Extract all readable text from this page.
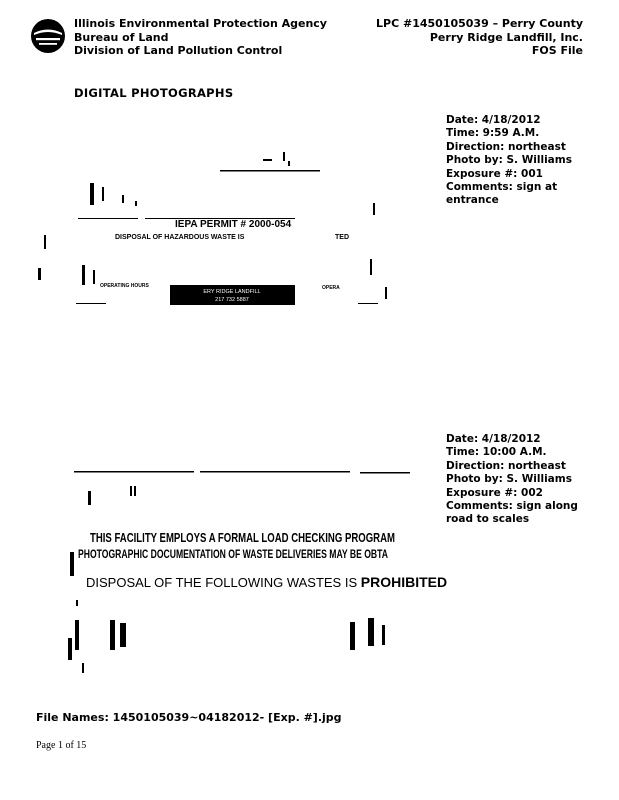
Illinois Environmental Protection Agency
Bureau of Land
Division of Land Pollution Control
LPC #1450105039 – Perry County
Perry Ridge Landfill, Inc.
FOS File
DIGITAL PHOTOGRAPHS
Date: 4/18/2012
Time: 9:59 A.M.
Direction: northeast
Photo by: S. Williams
Exposure #: 001
Comments: sign at entrance
IEPA PERMIT # 2000-054
DISPOSAL OF HAZARDOUS WASTE IS	TED
OPERATING HOURS	OPERA
ERY RIDGE LANDFILL
217 732 5887
Date: 4/18/2012
Time: 10:00 A.M.
Direction: northeast
Photo by: S. Williams
Exposure #: 002
Comments: sign along road to scales
THIS FACILITY EMPLOYS A FORMAL LOAD CHECKING PROGRAM
PHOTOGRAPHIC DOCUMENTATION OF WASTE DELIVERIES MAY BE OBTA
DISPOSAL OF THE FOLLOWING WASTES IS PROHIBITED
File Names: 1450105039~04182012- [Exp. #].jpg
Page 1 of 15
